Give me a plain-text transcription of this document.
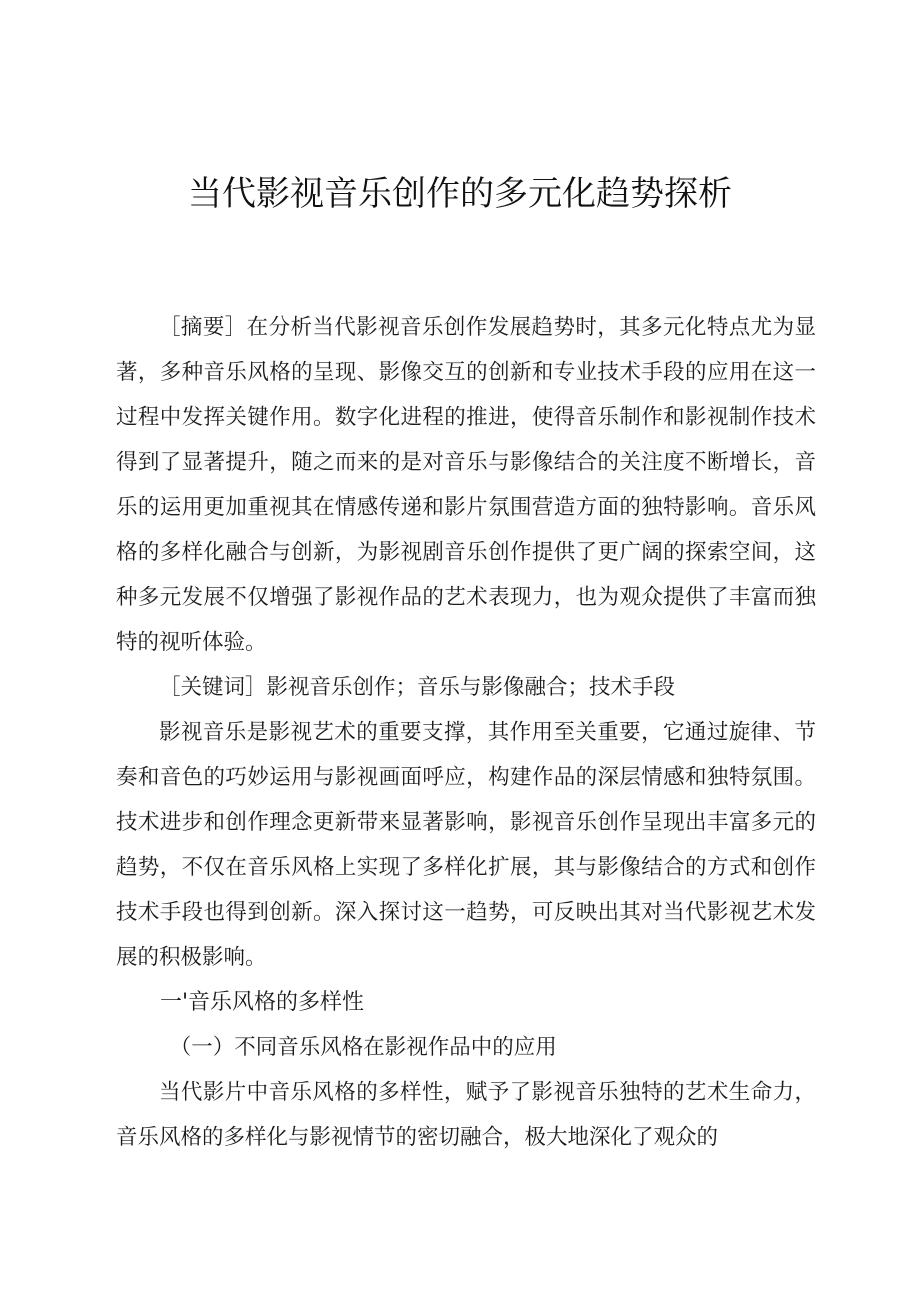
当代影视音乐创作的多元化趋势探析

［摘要］在分析当代影视音乐创作发展趋势时，其多元化特点尤为显著，多种音乐风格的呈现、影像交互的创新和专业技术手段的应用在这一过程中发挥关键作用。数字化进程的推进，使得音乐制作和影视制作技术得到了显著提升，随之而来的是对音乐与影像结合的关注度不断增长，音乐的运用更加重视其在情感传递和影片氛围营造方面的独特影响。音乐风格的多样化融合与创新，为影视剧音乐创作提供了更广阔的探索空间，这种多元发展不仅增强了影视作品的艺术表现力，也为观众提供了丰富而独特的视听体验。

［关键词］影视音乐创作；音乐与影像融合；技术手段

影视音乐是影视艺术的重要支撑，其作用至关重要，它通过旋律、节奏和音色的巧妙运用与影视画面呼应，构建作品的深层情感和独特氛围。技术进步和创作理念更新带来显著影响，影视音乐创作呈现出丰富多元的趋势，不仅在音乐风格上实现了多样化扩展，其与影像结合的方式和创作技术手段也得到创新。深入探讨这一趋势，可反映出其对当代影视艺术发展的积极影响。

一'音乐风格的多样性

（一）不同音乐风格在影视作品中的应用

当代影片中音乐风格的多样性，赋予了影视音乐独特的艺术生命力，音乐风格的多样化与影视情节的密切融合，极大地深化了观众的
